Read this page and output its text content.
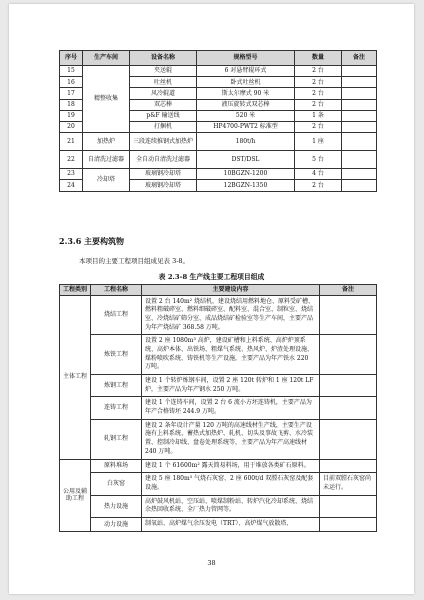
序号	生产车间	设备名称	规格型号	数量	备注
15	精整收集	夹送辊	6 对悬臂辊环式	2 台	
16		吐丝机	卧式吐丝机	2 台	
17		风冷辊道	斯太尔摩式 90 米	2 台	
18		双芯棒	液压旋转式双芯棒	2 台	
19		p&F 输送线	520 米	1 条	
20		打捆机	HP4700-PWT2 标准型	2 台	
21	加热炉	三段连续推钢式加热炉	180t/h	1 座	
22	自清洗过滤器	全自动自清洗过滤器	DST/DSL	5 台	
23	冷却塔	玻璃钢冷却塔	10BGZN-1200	4 台	
24		玻璃钢冷却塔	12BGZN-1350	2 台	
2.3.6 主要构筑物
本项目的主要工程项目组成见表 3-8。
表 2.3-8 生产线主要工程项目组成
工程类别	工程名称	主要建设内容	备注
主体工程	烧结工程	设置 2 台 140m² 烧结机，建设烧结用燃料地仓、原料受矿槽、燃料粗破碎室、燃料细破碎室、配料室、混合室、制粒室、烧结室、冷烧结矿筛分室、成品烧结矿检验室等生产车间，主要产品为年产烧结矿 368.58 万吨。	
	炼铁工程	设置 2 座 1080m³ 高炉，建设矿槽和上料系统、高炉炉顶系统、高炉本体、出铁场、粗煤气系统、热风炉、炉渣处理设施、煤粉喷吹系统、铸铁机等生产设施，主要产品为年产铁水 220 万吨。	
	炼钢工程	建设 1 个转炉炼钢车间，设置 2 座 120t 转炉和 1 座 120t LF 炉，主要产品为年产钢水 250 万吨。	
	连铸工程	建设 1 个连铸车间，设置 2 台 6 流小方坯连铸机，主要产品为年产合格铸坯 244.9 万吨。	
	轧钢工程	建设 2 条年设计产量 120 万吨的高速线材生产线，主要生产设施有上料系统、蓄热式加热炉、轧机、切头及事故飞剪、水冷装置、控制冷却线、盘卷处理系统等，主要产品为年产高速线材 240 万吨。	
公用及辅助工程	原料堆场	建设 1 个 61600m² 露天简易料场，用于堆放各类矿石原料。	
	白灰窑	建设 5 座 180m³ 气烧石灰窑、2 座 600t/d 双膛石灰窑及配套设施。	目前双膛石灰窑尚未运行。
	热力设施	高炉鼓风机站、空压站、喷煤制粉站、转炉汽化冷却系统、烧结余热回收系统、全厂热力管网等。	
	动力设施	制氧站、高炉煤气余压发电（TRT）、高炉煤气放散塔、	
38
